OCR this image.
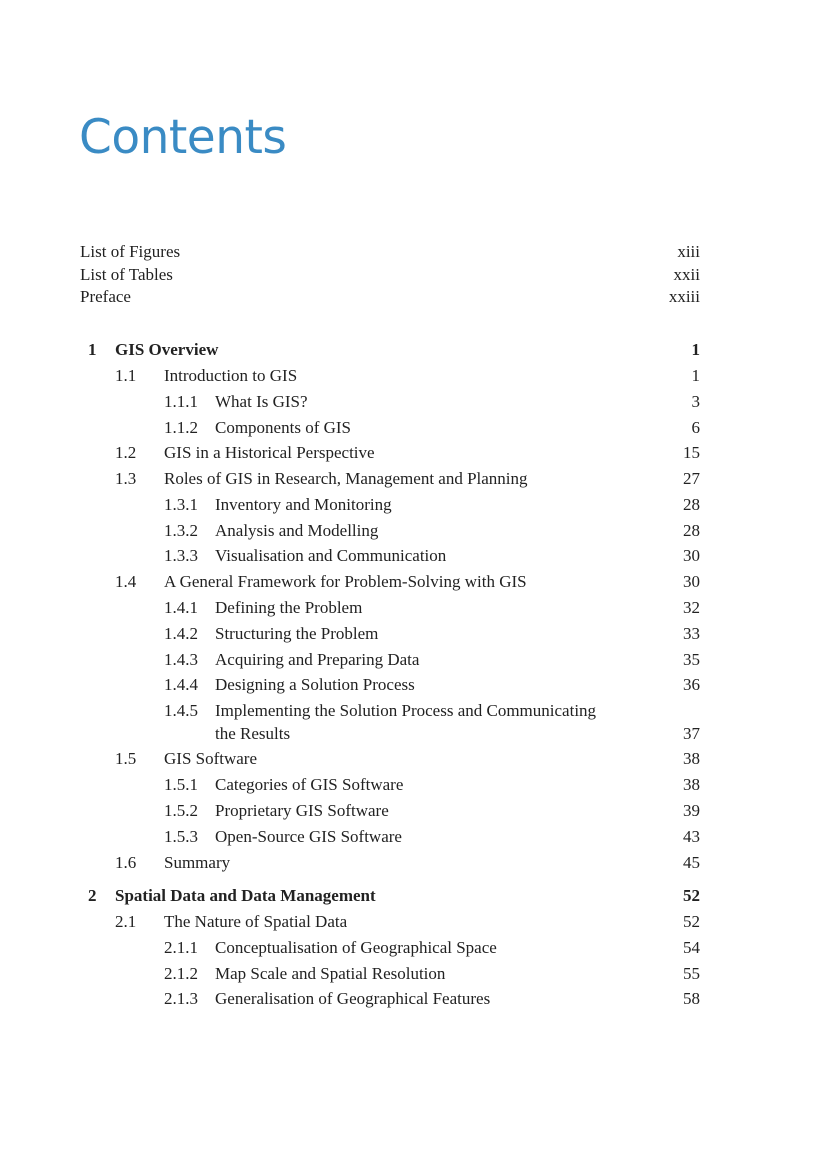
Contents
List of Figures	xiii
List of Tables	xxii
Preface	xxiii
1 GIS Overview	1
1.1 Introduction to GIS	1
1.1.1 What Is GIS?	3
1.1.2 Components of GIS	6
1.2 GIS in a Historical Perspective	15
1.3 Roles of GIS in Research, Management and Planning	27
1.3.1 Inventory and Monitoring	28
1.3.2 Analysis and Modelling	28
1.3.3 Visualisation and Communication	30
1.4 A General Framework for Problem-Solving with GIS	30
1.4.1 Defining the Problem	32
1.4.2 Structuring the Problem	33
1.4.3 Acquiring and Preparing Data	35
1.4.4 Designing a Solution Process	36
1.4.5 Implementing the Solution Process and Communicating
the Results	37
1.5 GIS Software	38
1.5.1 Categories of GIS Software	38
1.5.2 Proprietary GIS Software	39
1.5.3 Open-Source GIS Software	43
1.6 Summary	45
2 Spatial Data and Data Management	52
2.1 The Nature of Spatial Data	52
2.1.1 Conceptualisation of Geographical Space	54
2.1.2 Map Scale and Spatial Resolution	55
2.1.3 Generalisation of Geographical Features	58
